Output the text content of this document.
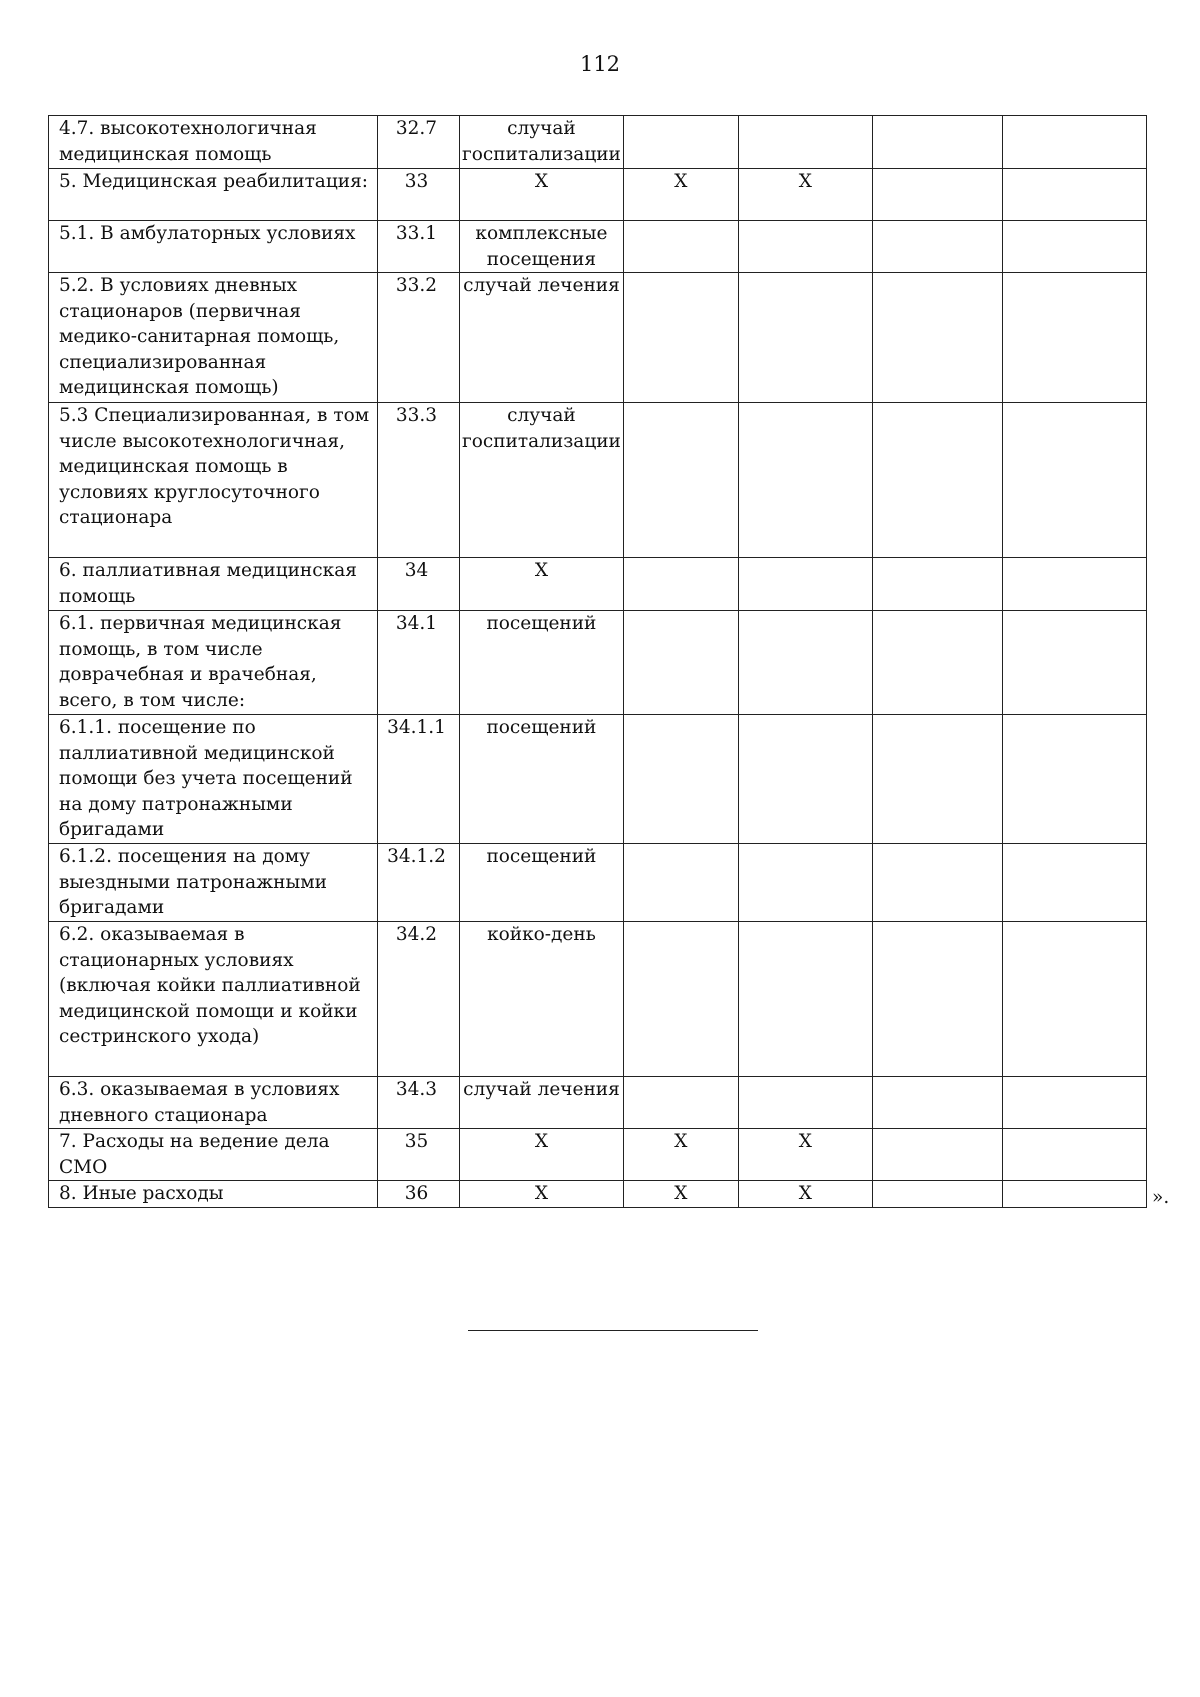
112
4.7. высокотехнологичная медицинская помощь	32.7	случай госпитализации				
5. Медицинская реабилитация:	33	Х	Х	Х		
5.1. В амбулаторных условиях	33.1	комплексные посещения				
5.2. В условиях дневных стационаров (первичная медико-санитарная помощь, специализированная медицинская помощь)	33.2	случай лечения				
5.3 Специализированная, в том числе высокотехнологичная, медицинская помощь в условиях круглосуточного стационара	33.3	случай госпитализации				
6. паллиативная медицинская помощь	34	Х				
6.1. первичная медицинская помощь, в том числе доврачебная и врачебная, всего, в том числе:	34.1	посещений				
6.1.1. посещение по паллиативной медицинской помощи без учета посещений на дому патронажными бригадами	34.1.1	посещений				
6.1.2. посещения на дому выездными патронажными бригадами	34.1.2	посещений				
6.2. оказываемая в стационарных условиях (включая койки паллиативной медицинской помощи и койки сестринского ухода)	34.2	койко-день				
6.3. оказываемая в условиях дневного стационара	34.3	случай лечения				
7. Расходы на ведение дела СМО	35	Х	Х	Х		
8. Иные расходы	36	Х	Х	Х			».
